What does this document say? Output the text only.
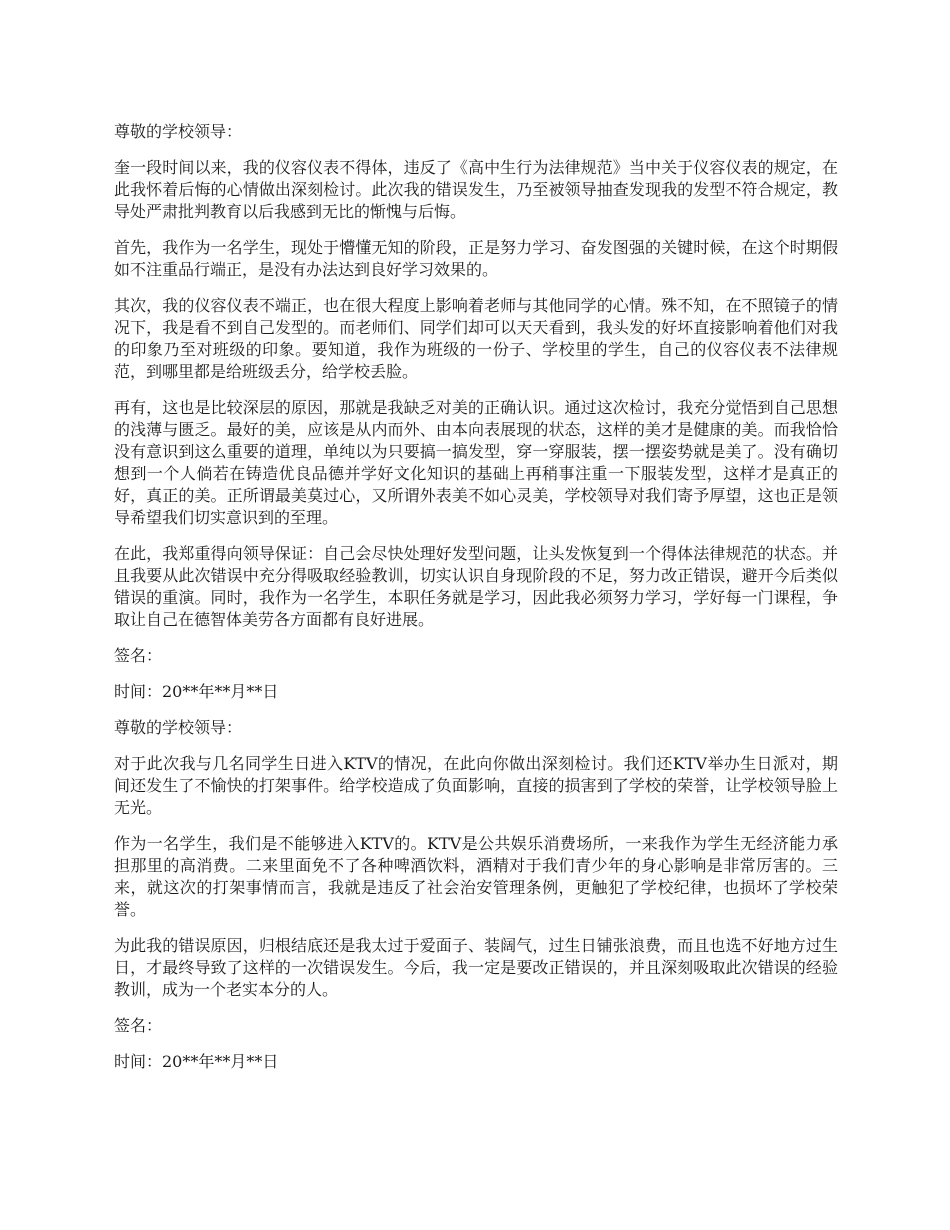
尊敬的学校领导：

奎一段时间以来，我的仪容仪表不得体，违反了《高中生行为法律规范》当中关于仪容仪表的规定，在此我怀着后悔的心情做出深刻检讨。此次我的错误发生，乃至被领导抽查发现我的发型不符合规定，教导处严肃批判教育以后我感到无比的惭愧与后悔。

首先，我作为一名学生，现处于懵懂无知的阶段，正是努力学习、奋发图强的关键时候，在这个时期假如不注重品行端正，是没有办法达到良好学习效果的。

其次，我的仪容仪表不端正，也在很大程度上影响着老师与其他同学的心情。殊不知，在不照镜子的情况下，我是看不到自己发型的。而老师们、同学们却可以天天看到，我头发的好坏直接影响着他们对我的印象乃至对班级的印象。要知道，我作为班级的一份子、学校里的学生，自己的仪容仪表不法律规范，到哪里都是给班级丢分，给学校丢脸。

再有，这也是比较深层的原因，那就是我缺乏对美的正确认识。通过这次检讨，我充分觉悟到自己思想的浅薄与匮乏。最好的美，应该是从内而外、由本向表展现的状态，这样的美才是健康的美。而我恰恰没有意识到这么重要的道理，单纯以为只要搞一搞发型，穿一穿服装，摆一摆姿势就是美了。没有确切想到一个人倘若在铸造优良品德并学好文化知识的基础上再稍事注重一下服装发型，这样才是真正的好，真正的美。正所谓最美莫过心，又所谓外表美不如心灵美，学校领导对我们寄予厚望，这也正是领导希望我们切实意识到的至理。

在此，我郑重得向领导保证：自己会尽快处理好发型问题，让头发恢复到一个得体法律规范的状态。并且我要从此次错误中充分得吸取经验教训，切实认识自身现阶段的不足，努力改正错误，避开今后类似错误的重演。同时，我作为一名学生，本职任务就是学习，因此我必须努力学习，学好每一门课程，争取让自己在德智体美劳各方面都有良好进展。

签名：

时间：20**年**月**日

尊敬的学校领导：

对于此次我与几名同学生日进入KTV的情况，在此向你做出深刻检讨。我们还KTV举办生日派对，期间还发生了不愉快的打架事件。给学校造成了负面影响，直接的损害到了学校的荣誉，让学校领导脸上无光。

作为一名学生，我们是不能够进入KTV的。KTV是公共娱乐消费场所，一来我作为学生无经济能力承担那里的高消费。二来里面免不了各种啤酒饮料，酒精对于我们青少年的身心影响是非常厉害的。三来，就这次的打架事情而言，我就是违反了社会治安管理条例，更触犯了学校纪律，也损坏了学校荣誉。

为此我的错误原因，归根结底还是我太过于爱面子、装阔气，过生日铺张浪费，而且也选不好地方过生日，才最终导致了这样的一次错误发生。今后，我一定是要改正错误的，并且深刻吸取此次错误的经验教训，成为一个老实本分的人。

签名：

时间：20**年**月**日
